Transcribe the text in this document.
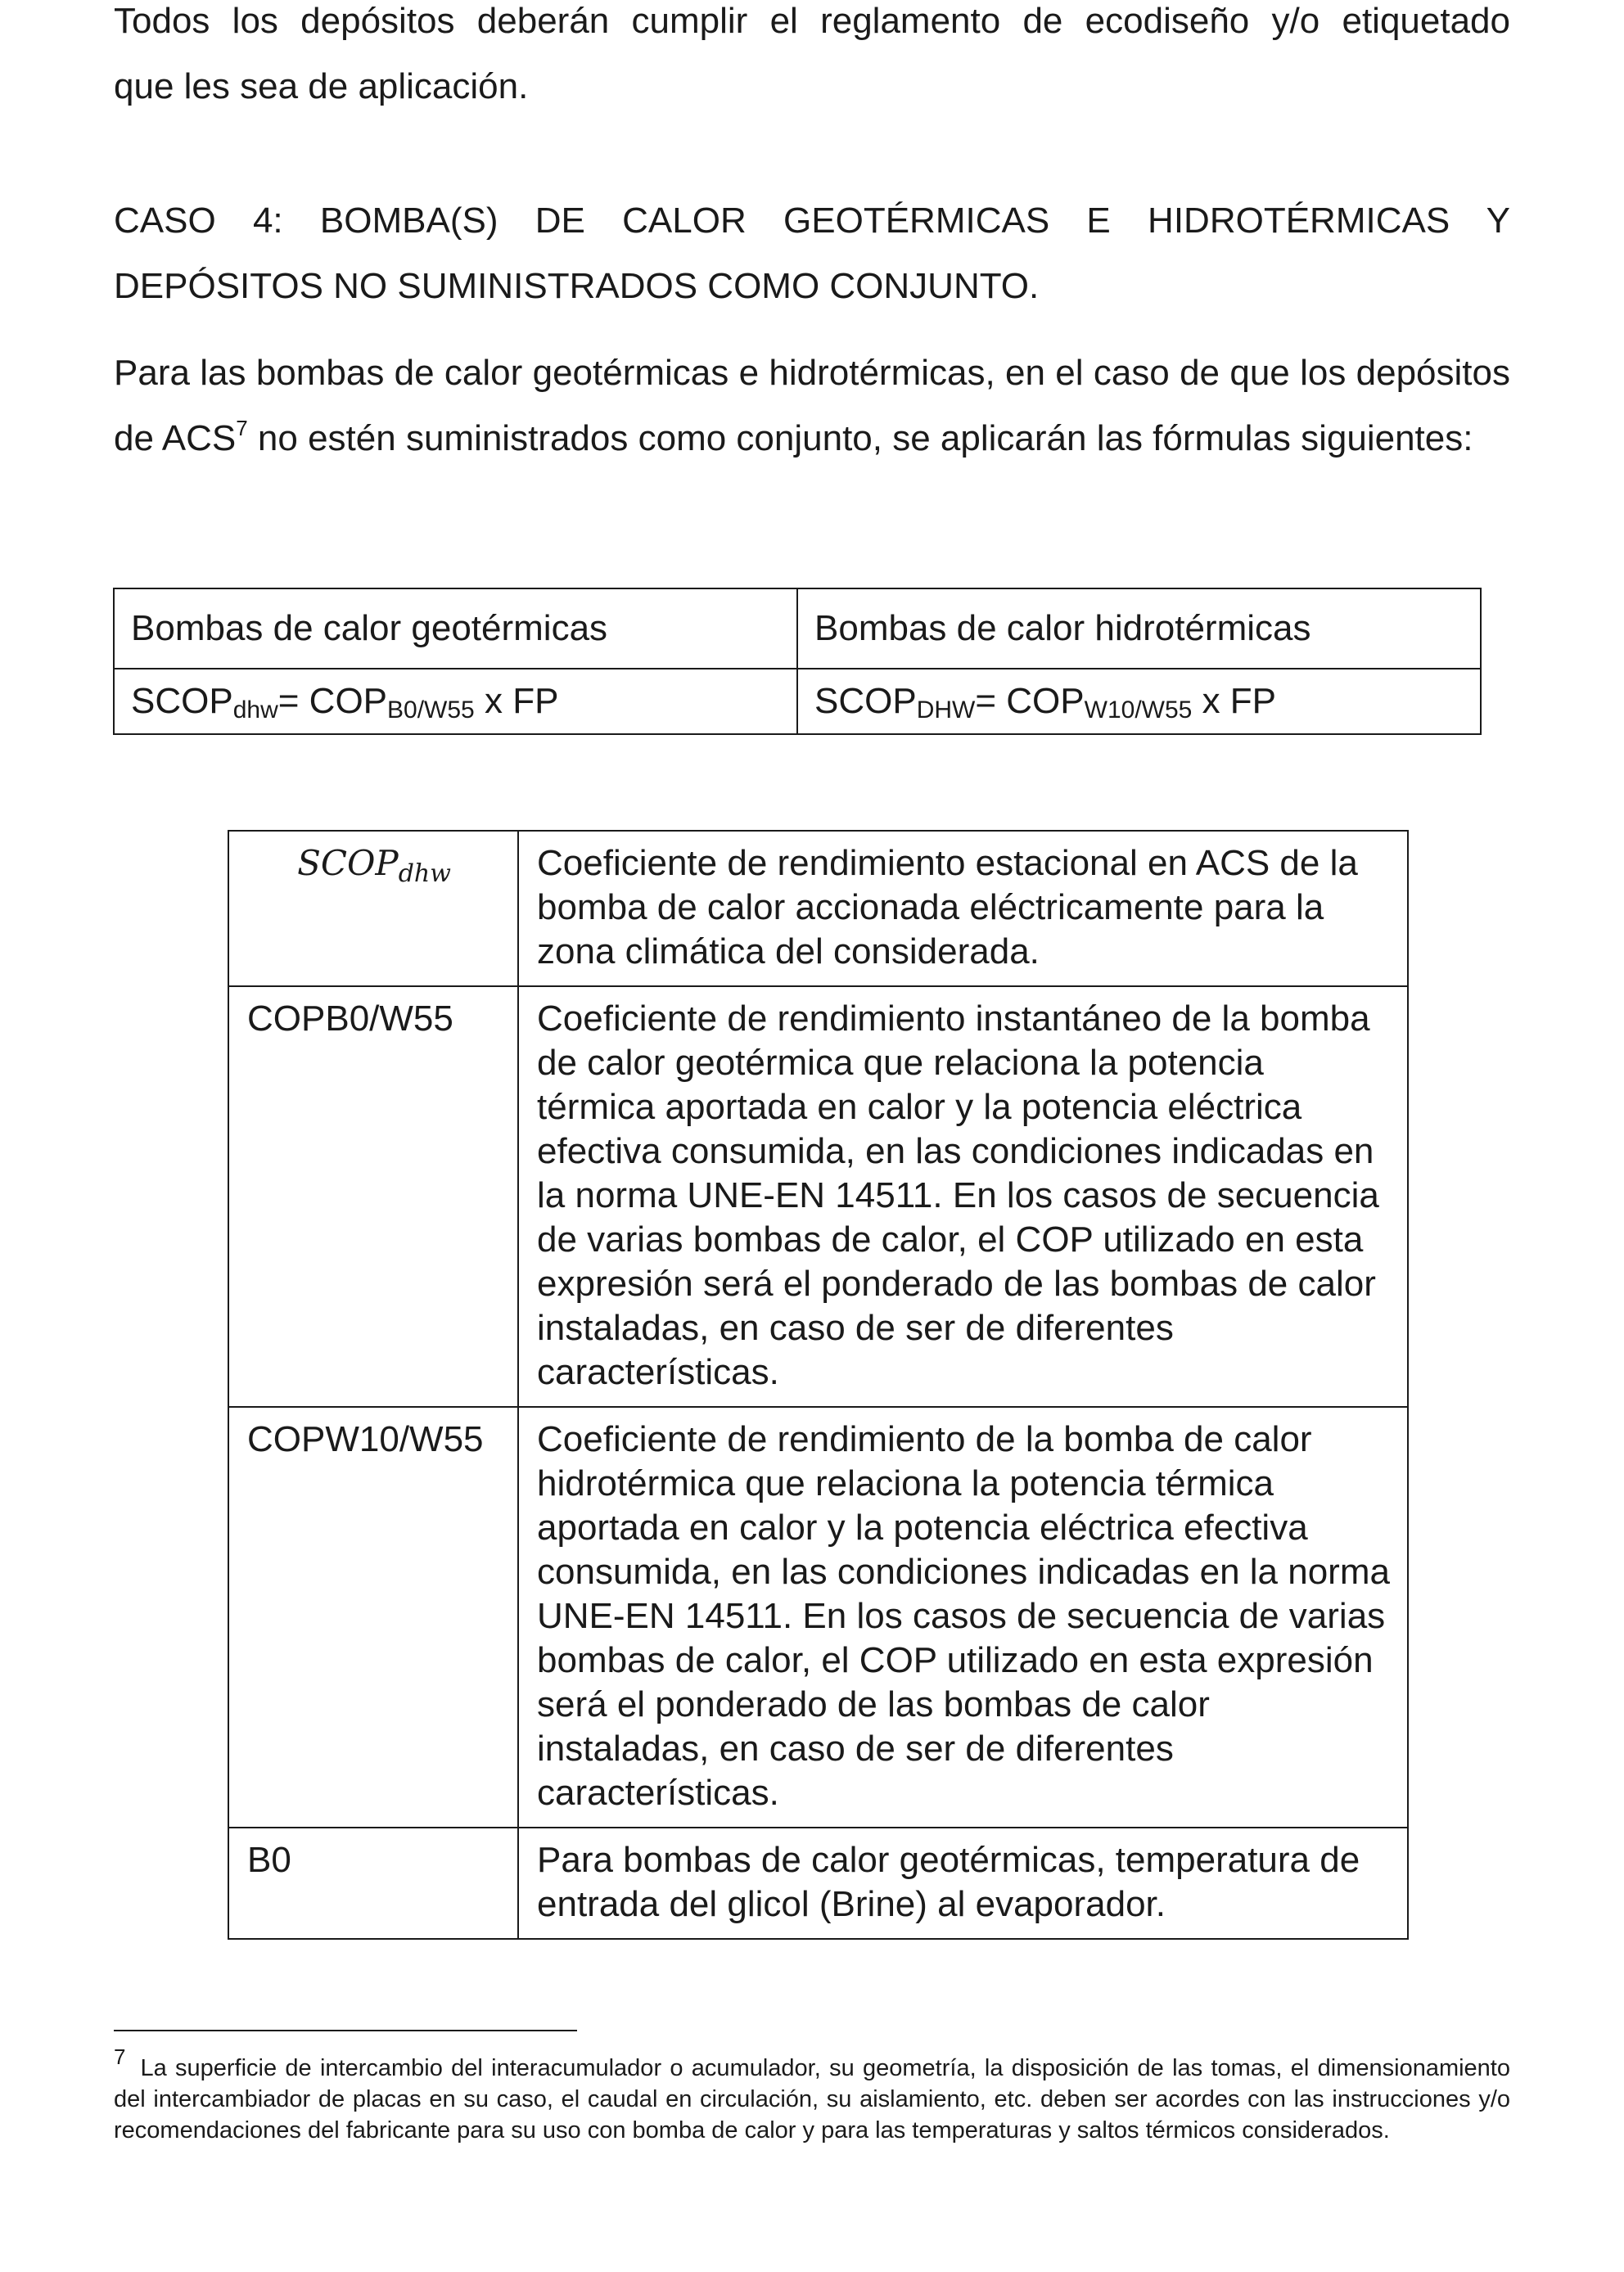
Todos los depósitos deberán cumplir el reglamento de ecodiseño y/o etiquetado

que les sea de aplicación.

CASO 4: BOMBA(S) DE CALOR GEOTÉRMICAS E HIDROTÉRMICAS Y

DEPÓSITOS NO SUMINISTRADOS COMO CONJUNTO.

Para las bombas de calor geotérmicas e hidrotérmicas, en el caso de que los depósitos de ACS$^7$ no estén suministrados como conjunto, se aplicarán las fórmulas siguientes:

Bombas de calor geotérmicas	Bombas de calor hidrotérmicas
$SCOP_{dhw}= COP_{B0/W55}$ x FP	$SCOP_{DHW}= COP_{W10/W55}$ x FP
$SCOP_{dhw}$	Coeficiente de rendimiento estacional en ACS de la bomba de calor accionada eléctricamente para la zona climática del considerada.
COPB0/W55	Coeficiente de rendimiento instantáneo de la bomba de calor geotérmica que relaciona la potencia térmica aportada en calor y la potencia eléctrica efectiva consumida, en las condiciones indicadas en la norma UNE-EN 14511. En los casos de secuencia de varias bombas de calor, el COP utilizado en esta expresión será el ponderado de las bombas de calor instaladas, en caso de ser de diferentes características.
COPW10/W55	Coeficiente de rendimiento de la bomba de calor hidrotérmica que relaciona la potencia térmica aportada en calor y la potencia eléctrica efectiva consumida, en las condiciones indicadas en la norma UNE-EN 14511. En los casos de secuencia de varias bombas de calor, el COP utilizado en esta expresión será el ponderado de las bombas de calor instaladas, en caso de ser de diferentes características.
B0	Para bombas de calor geotérmicas, temperatura de entrada del glicol (Brine) al evaporador.

7 La superficie de intercambio del interacumulador o acumulador, su geometría, la disposición de las tomas, el dimensionamiento del intercambiador de placas en su caso, el caudal en circulación, su aislamiento, etc. deben ser acordes con las instrucciones y/o recomendaciones del fabricante para su uso con bomba de calor y para las temperaturas y saltos térmicos considerados.
